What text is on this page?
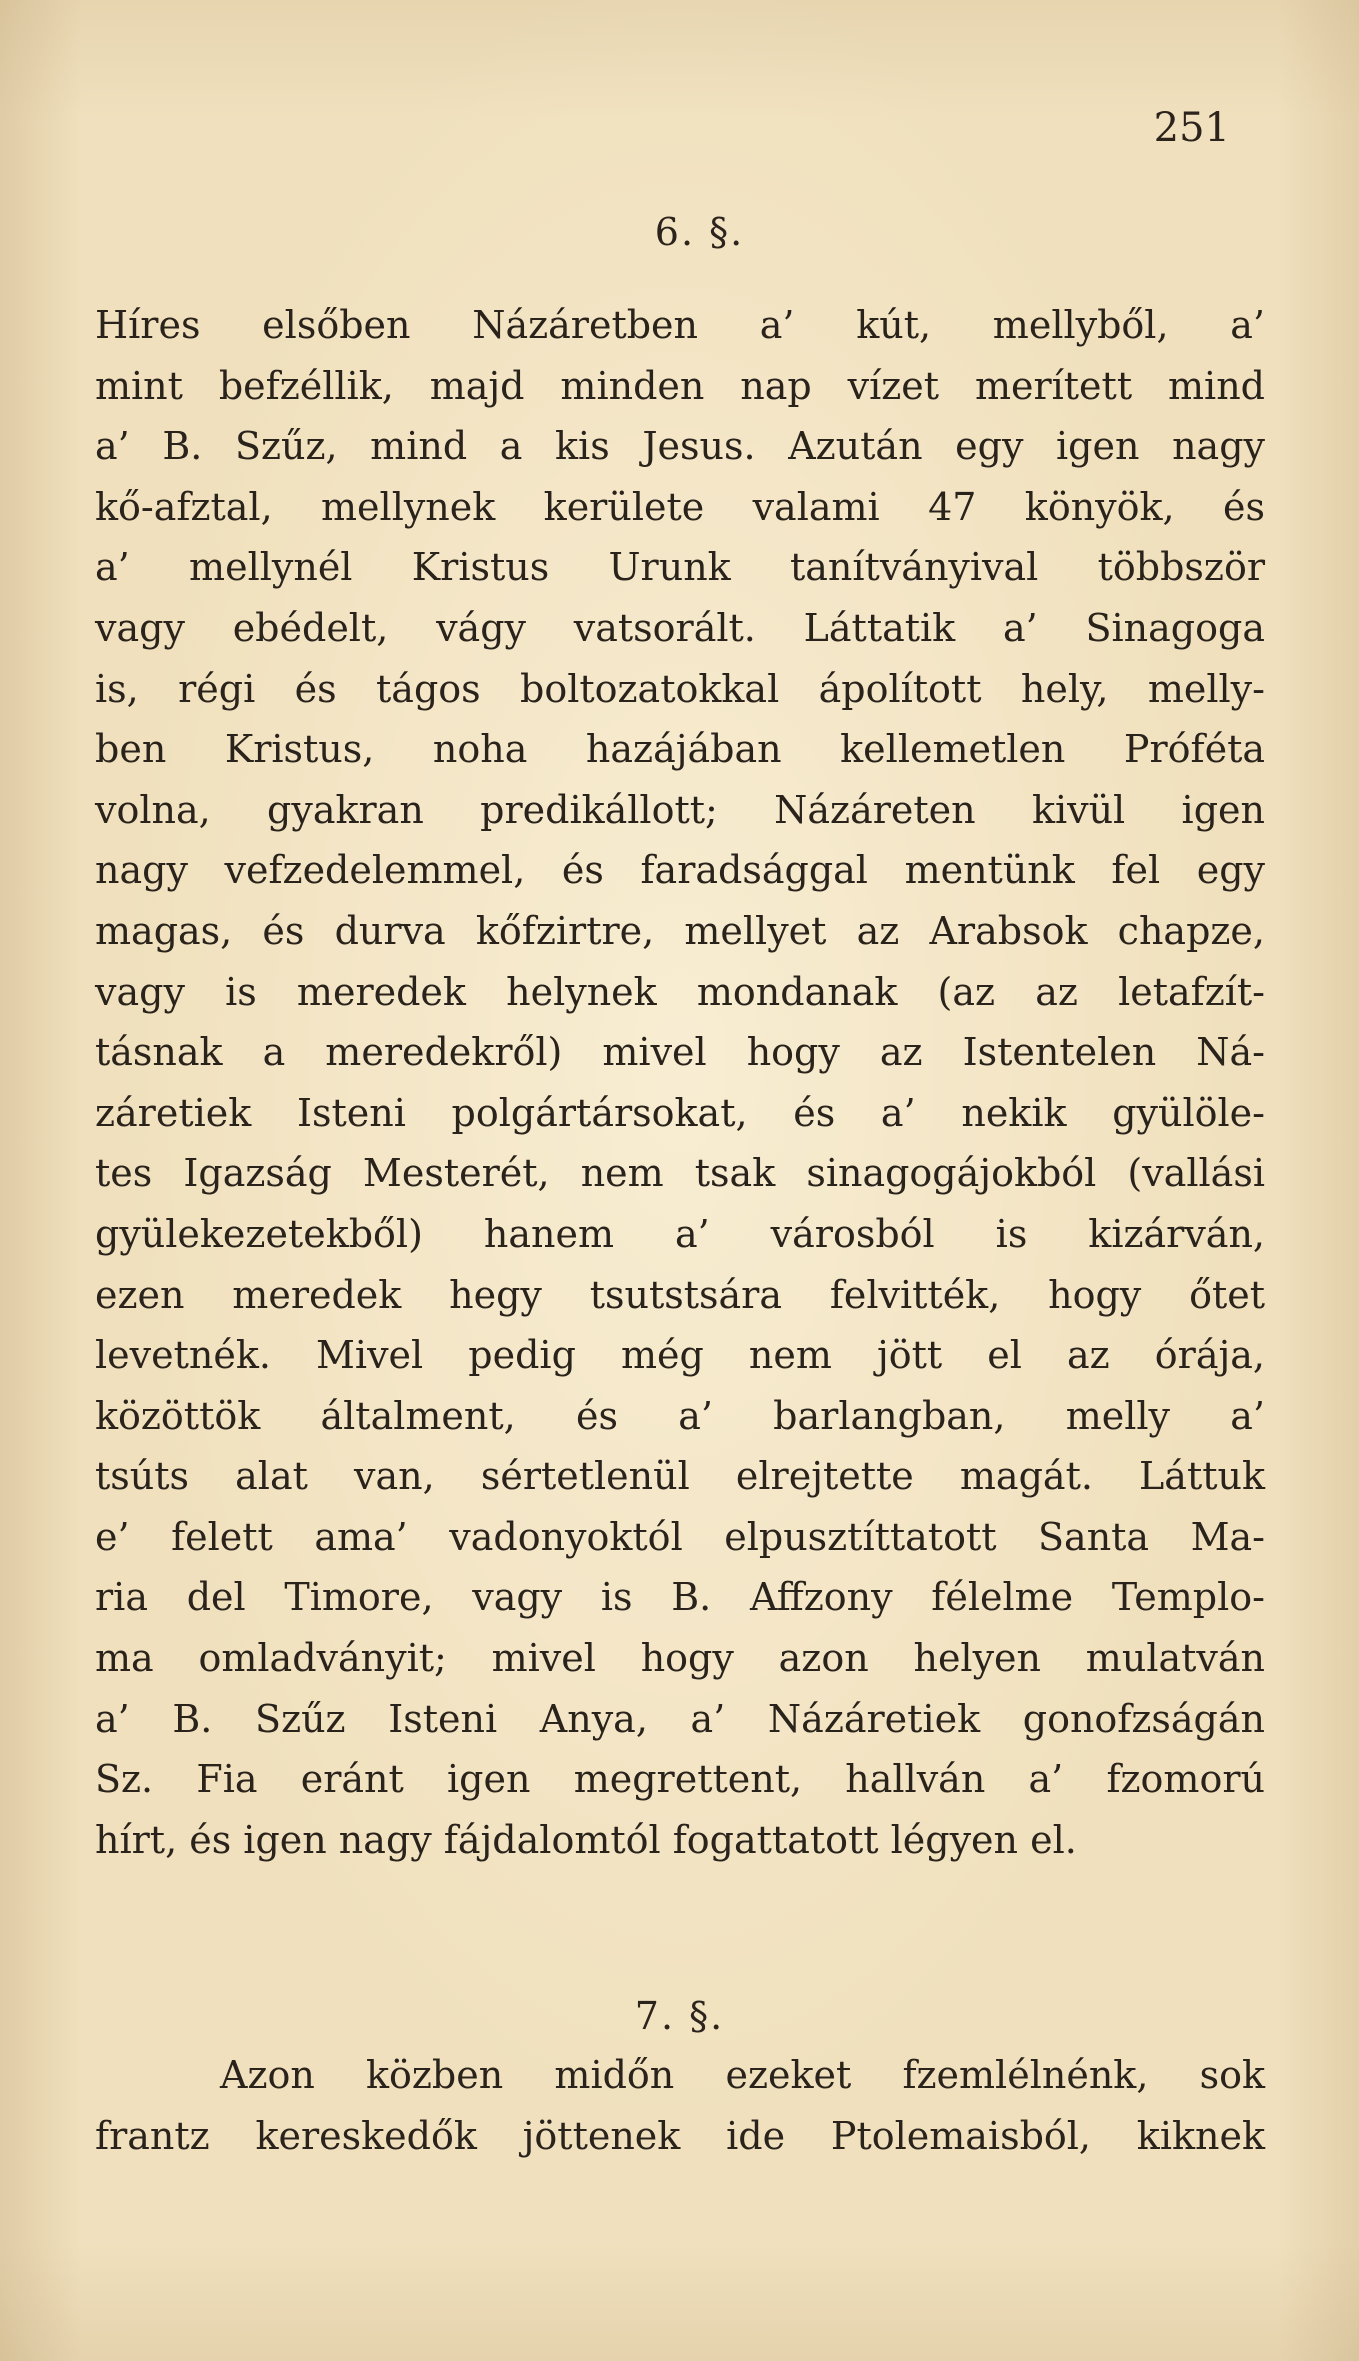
251
6. §.
Híres elsőben Názáretben a’ kút, mellyből, a’
mint befzéllik, majd minden nap vízet merített mind
a’ B. Szűz, mind a kis Jesus. Azután egy igen nagy
kő-afztal, mellynek kerülete valami 47 könyök, és
a’ mellynél Kristus Urunk tanítványival többször
vagy ebédelt, vágy vatsorált. Láttatik a’ Sinagoga
is, régi és tágos boltozatokkal ápolított hely, melly-
ben Kristus, noha hazájában kellemetlen Próféta
volna, gyakran predikállott; Názáreten kivül igen
nagy vefzedelemmel, és faradsággal mentünk fel egy
magas, és durva kőfzirtre, mellyet az Arabsok chapze,
vagy is meredek helynek mondanak (az az letafzít-
tásnak a meredekről) mivel hogy az Istentelen Ná-
záretiek Isteni polgártársokat, és a’ nekik gyülöle-
tes Igazság Mesterét, nem tsak sinagogájokból (vallási
gyülekezetekből) hanem a’ városból is kizárván,
ezen meredek hegy tsutstsára felvitték, hogy őtet
levetnék. Mivel pedig még nem jött el az órája,
közöttök általment, és a’ barlangban, melly a’
tsúts alat van, sértetlenül elrejtette magát. Láttuk
e’ felett ama’ vadonyoktól elpusztíttatott Santa Ma-
ria del Timore, vagy is B. Affzony félelme Templo-
ma omladványit; mivel hogy azon helyen mulatván
a’ B. Szűz Isteni Anya, a’ Názáretiek gonofzságán
Sz. Fia eránt igen megrettent, hallván a’ fzomorú
hírt, és igen nagy fájdalomtól fogattatott légyen el.
7. §.
Azon közben midőn ezeket fzemlélnénk, sok
frantz kereskedők jöttenek ide Ptolemaisból, kiknek
